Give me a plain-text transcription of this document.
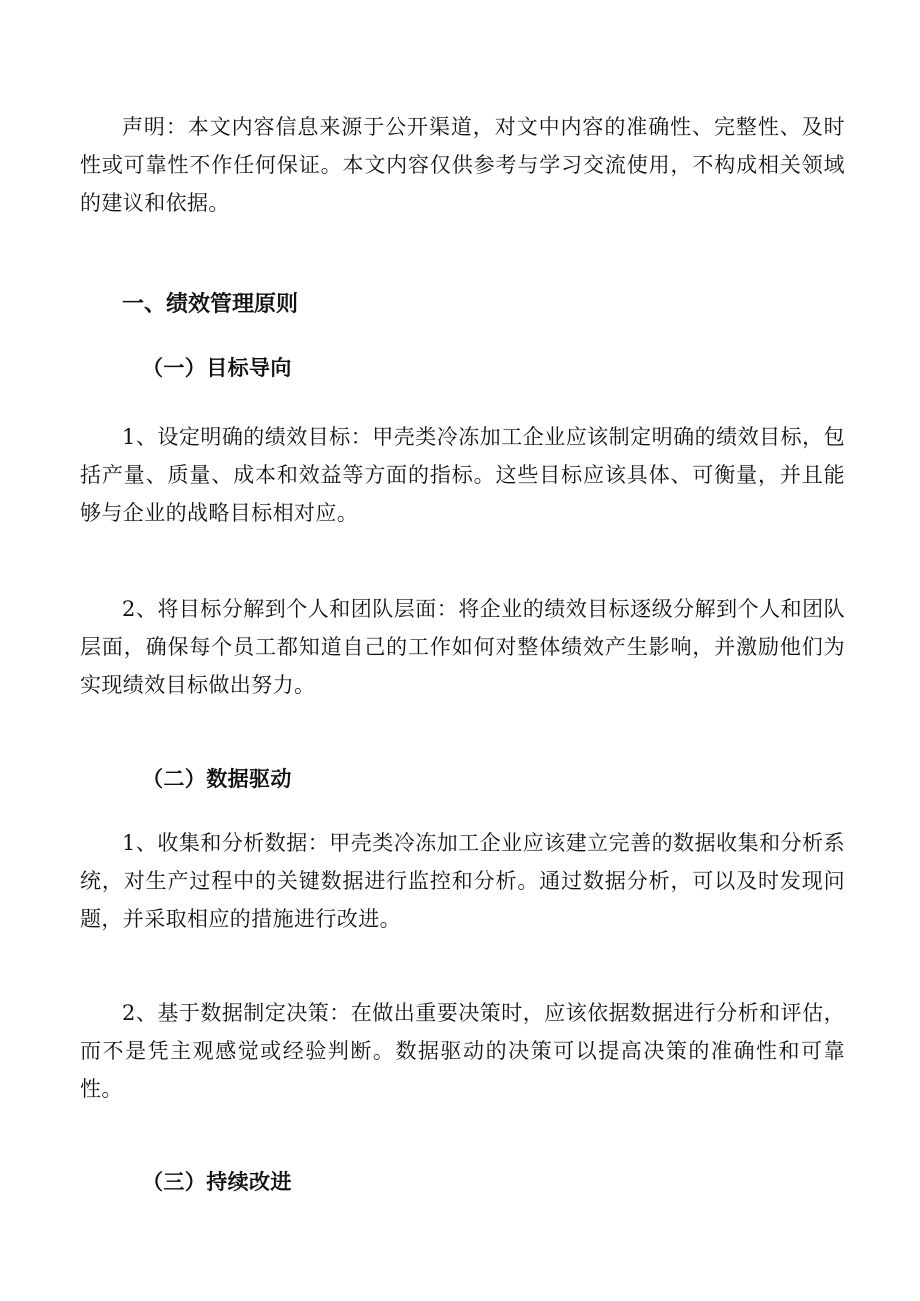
声明：本文内容信息来源于公开渠道，对文中内容的准确性、完整性、及时性或可靠性不作任何保证。本文内容仅供参考与学习交流使用，不构成相关领域的建议和依据。

一、绩效管理原则
（一）目标导向

1、设定明确的绩效目标：甲壳类冷冻加工企业应该制定明确的绩效目标，包括产量、质量、成本和效益等方面的指标。这些目标应该具体、可衡量，并且能够与企业的战略目标相对应。

2、将目标分解到个人和团队层面：将企业的绩效目标逐级分解到个人和团队层面，确保每个员工都知道自己的工作如何对整体绩效产生影响，并激励他们为实现绩效目标做出努力。

（二）数据驱动

1、收集和分析数据：甲壳类冷冻加工企业应该建立完善的数据收集和分析系统，对生产过程中的关键数据进行监控和分析。通过数据分析，可以及时发现问题，并采取相应的措施进行改进。

2、基于数据制定决策：在做出重要决策时，应该依据数据进行分析和评估，而不是凭主观感觉或经验判断。数据驱动的决策可以提高决策的准确性和可靠性。

（三）持续改进
